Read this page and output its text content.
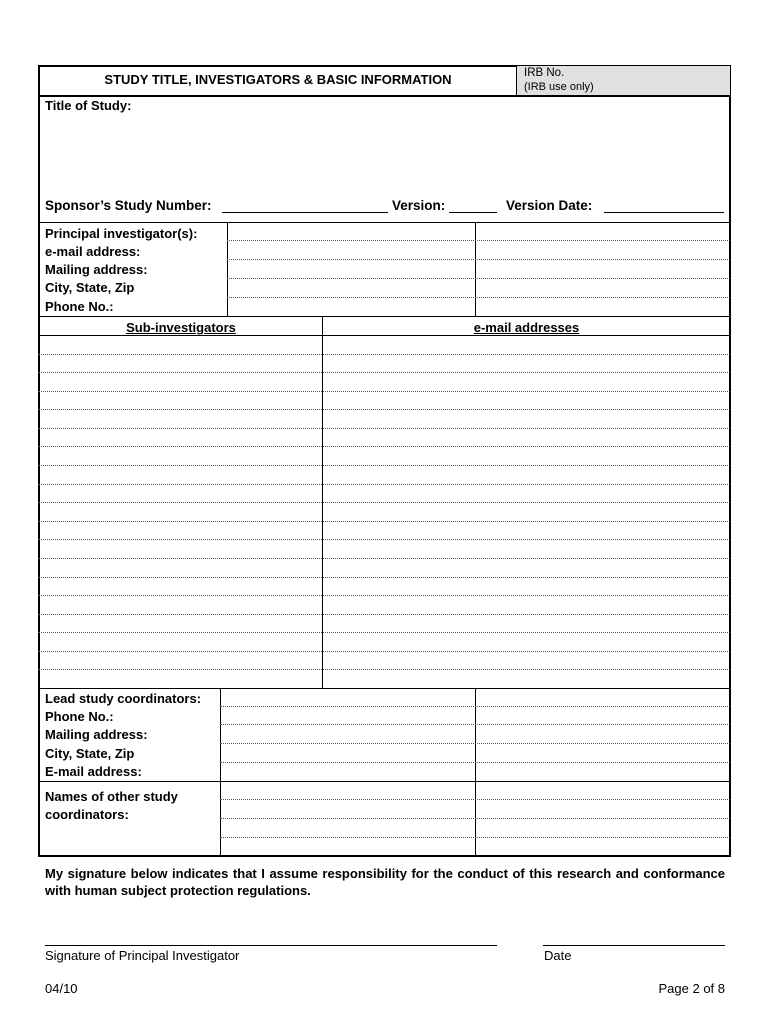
STUDY TITLE, INVESTIGATORS & BASIC INFORMATION	IRB No.
(IRB use only)
Title of Study:
Sponsor’s Study Number:	Version:	Version Date:
Principal investigator(s):
e-mail address:
Mailing address:
City, State, Zip
Phone No.:
Sub-investigators	e-mail addresses
Lead study coordinators:
Phone No.:
Mailing address:
City, State, Zip
E-mail address:
Names of other study coordinators:
My signature below indicates that I assume responsibility for the conduct of this research and conformance with human subject protection regulations.
Signature of Principal Investigator	Date
04/10	Page 2 of 8
